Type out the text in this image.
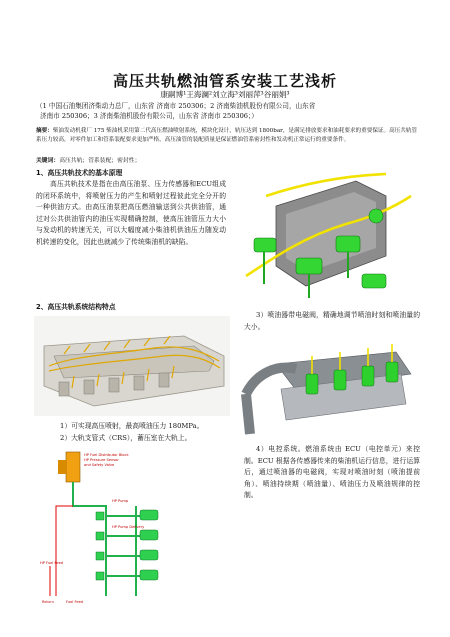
高压共轨燃油管系安装工艺浅析
康嗣博¹王海澜²刘立海³刘丽萍³谷丽娟³
（1 中国石油集团济柴动力总厂，山东省 济南市 250306；2 济南柴油机股份有限公司，山东省
济南市 250306；3 济南柴油机股份有限公司，山东省 济南市 250306；）
摘要：柴油发动机我厂 175 柴油机采用第二代高压燃油喷射系统，模块化设计，轨压达到 1800bar，是满足排放要求和油耗要求的重要保证。高压共轨管系压力较高，对零件加工和管系装配要求更加严格，高压油管的装配质量是保证燃油管系密封性和发动机正常运行的重要条件。
关键词：高压共轨；管系装配；密封性；
1、高压共轨技术的基本原理
高压共轨技术是指在由高压油泵、压力传感器和ECU组成的闭环系统中，将喷射压力的产生和喷射过程彼此完全分开的一种供油方式。由高压油泵把高压燃油输送到公共供油管，通过对公共供油管内的油压实现精确控制，使高压油管压力大小与发动机的转速无关，可以大幅度减小柴油机供油压力随发动机转速的变化，因此也就减少了传统柴油机的缺陷。
2、高压共轨系统结构特点
1）可实现高压喷射，最高喷油压力 180MPa。
2）大轨支管式（CRS），蓄压室在大轨上。
HP Fuel Distributor Block
HP Pressure Sensor
and Safety Valve
HP Pump
HP Pump Delivery
HP Fuel Feed
Return	Fuel Feed
3）喷油器带电磁阀，精确地调节喷油时刻和喷油量的大小。
4）电控系统。燃油系统由 ECU（电控单元）来控制。ECU 根据各传感器传来的柴油机运行信息，进行运算后，通过喷油器的电磁阀，实现对喷油时刻（喷油提前角）、喷油持续期（喷油量）、喷油压力及喷油规律的控制。
